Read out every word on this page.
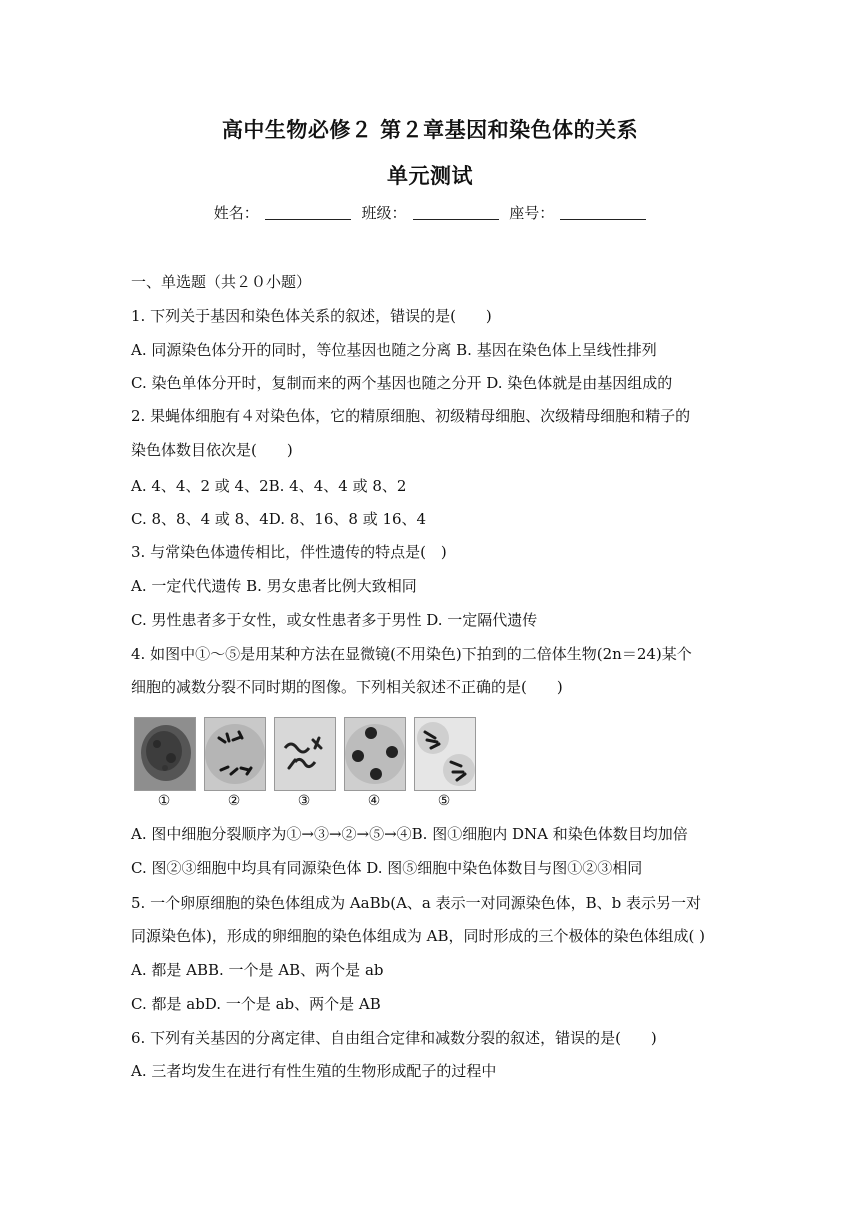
高中生物必修２ 第２章基因和染色体的关系
单元测试
姓名：	班级：	座号：
一、单选题（共２０小题）
1. 下列关于基因和染色体关系的叙述，错误的是(　　)
A. 同源染色体分开的同时，等位基因也随之分离 B. 基因在染色体上呈线性排列
C. 染色单体分开时，复制而来的两个基因也随之分开 D. 染色体就是由基因组成的
2. 果蝇体细胞有４对染色体，它的精原细胞、初级精母细胞、次级精母细胞和精子的
染色体数目依次是(　　)
A. 4、4、2 或 4、2B. 4、4、4 或 8、2
C. 8、8、4 或 8、4D. 8、16、8 或 16、4
3. 与常染色体遗传相比，伴性遗传的特点是(　)
A. 一定代代遗传 B. 男女患者比例大致相同
C. 男性患者多于女性，或女性患者多于男性 D. 一定隔代遗传
4. 如图中①～⑤是用某种方法在显微镜(不用染色)下拍到的二倍体生物(2n＝24)某个
细胞的减数分裂不同时期的图像。下列相关叙述不正确的是(　　)
①	②	③	④	⑤
A. 图中细胞分裂顺序为①→③→②→⑤→④B. 图①细胞内 DNA 和染色体数目均加倍
C. 图②③细胞中均具有同源染色体 D. 图⑤细胞中染色体数目与图①②③相同
5. 一个卵原细胞的染色体组成为 AaBb(A、a 表示一对同源染色体，B、b 表示另一对
同源染色体)，形成的卵细胞的染色体组成为 AB，同时形成的三个极体的染色体组成( )
A. 都是 ABB. 一个是 AB、两个是 ab
C. 都是 abD. 一个是 ab、两个是 AB
6. 下列有关基因的分离定律、自由组合定律和减数分裂的叙述，错误的是(　　)
A. 三者均发生在进行有性生殖的生物形成配子的过程中
